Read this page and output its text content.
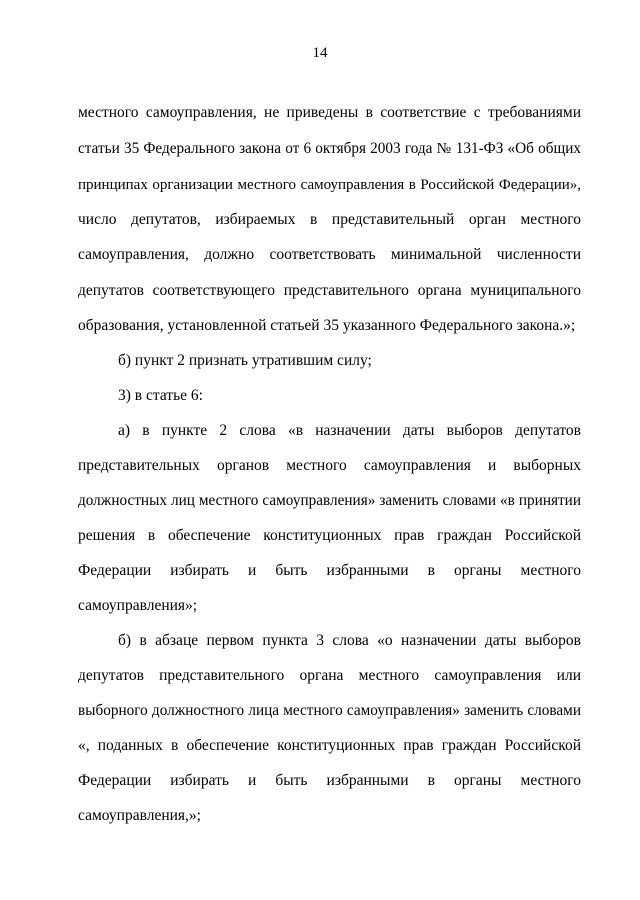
14
местного самоуправления, не приведены в соответствие с требованиями
статьи 35 Федерального закона от 6 октября 2003 года № 131-ФЗ «Об общих
принципах организации местного самоуправления в Российской Федерации»,
число депутатов, избираемых в представительный орган местного
самоуправления, должно соответствовать минимальной численности
депутатов соответствующего представительного органа муниципального
образования, установленной статьей 35 указанного Федерального закона.»;
б) пункт 2 признать утратившим силу;
3) в статье 6:
а) в пункте 2 слова «в назначении даты выборов депутатов
представительных органов местного самоуправления и выборных
должностных лиц местного самоуправления» заменить словами «в принятии
решения в обеспечение конституционных прав граждан Российской
Федерации избирать и быть избранными в органы местного
самоуправления»;
б) в абзаце первом пункта 3 слова «о назначении даты выборов
депутатов представительного органа местного самоуправления или
выборного должностного лица местного самоуправления» заменить словами
«, поданных в обеспечение конституционных прав граждан Российской
Федерации избирать и быть избранными в органы местного
самоуправления,»;
